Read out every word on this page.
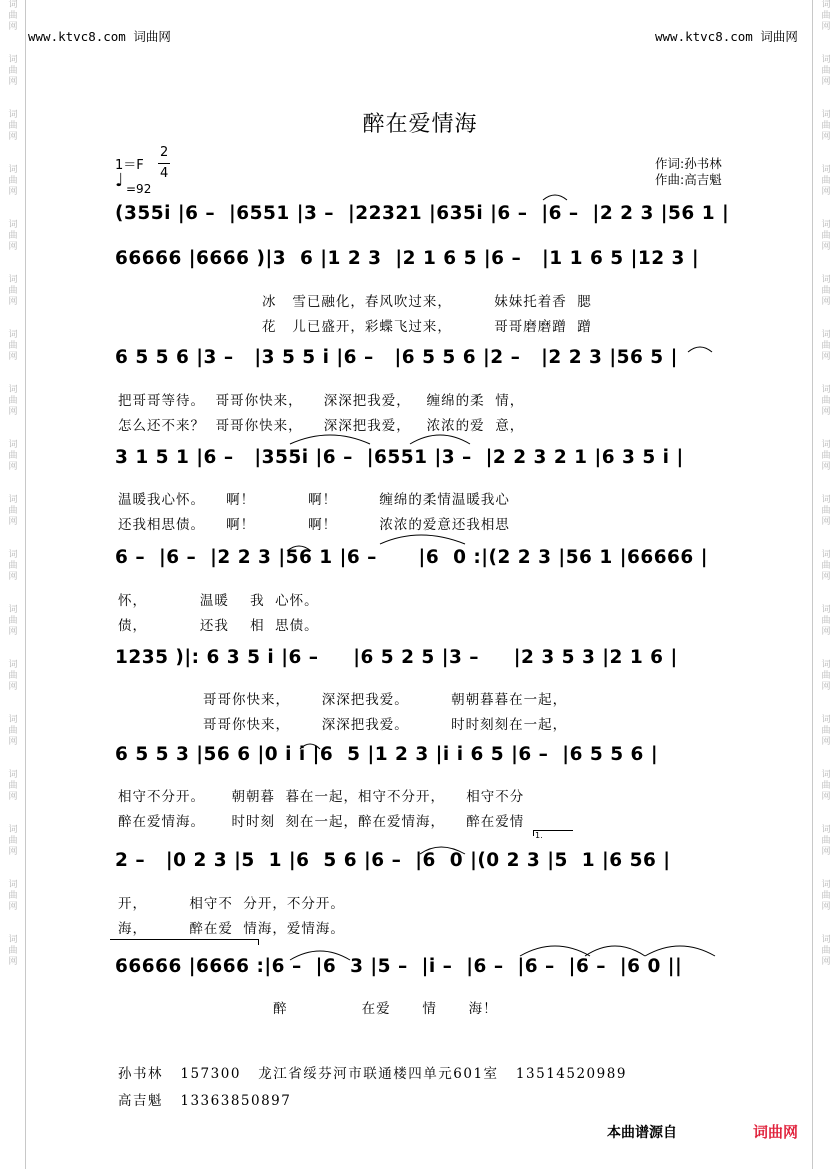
词
曲
网

词
曲
网

词
曲
网

词
曲
网

词
曲
网

词
曲
网

词
曲
网

词
曲
网

词
曲
网

词
曲
网

词
曲
网

词
曲
网

词
曲
网

词
曲
网

词
曲
网

词
曲
网

词
曲
网

词
曲
网

词
曲
网

词
曲
网

词
曲
网

词
曲
网

词
曲
网

词
曲
网

词
曲
网

词
曲
网

词
曲
网

词
曲
网

词
曲
网

词
曲
网

词
曲
网

词
曲
网

词
曲
网

词
曲
网

词
曲
网

词
曲
网

www.ktvc8.com 词曲网	www.ktvc8.com 词曲网
醉在爱情海
1＝F
2
4
♩ =92
作词:孙书林
作曲:高吉魁
(355i |6 –  |6551 |3 –  |22321 |635i |6 –  |6 –  |2 2 3 |56 1 |
66666 |6666 )|3  6 |1 2 3  |2 1 6 5 |6 –   |1 1 6 5 |12 3 |
冰   雪已融化，春风吹过来，        妹妹托着香  腮
花   儿已盛开，彩蝶飞过来，        哥哥磨磨蹭  蹭
6 5 5 6 |3 –   |3 5 5 i |6 –   |6 5 5 6 |2 –   |2 2 3 |56 5 |
把哥哥等待。  哥哥你快来，    深深把我爱，   缠绵的柔  情，
怎么还不来？  哥哥你快来，    深深把我爱，   浓浓的爱  意，
3 1 5 1 |6 –   |355i |6 –  |6551 |3 –  |2 2 3 2 1 |6 3 5 i |
温暖我心怀。    啊！          啊！        缠绵的柔情温暖我心
还我相思债。    啊！          啊！        浓浓的爱意还我相思
6 –  |6 –  |2 2 3 |56 1 |6 –      |6  0 :|(2 2 3 |56 1 |66666 |
怀，          温暖    我  心怀。
债，          还我    相  思债。
1235 )|: 6 3 5 i |6 –     |6 5 2 5 |3 –     |2 3 5 3 |2 1 6 |
哥哥你快来，      深深把我爱。        朝朝暮暮在一起，
哥哥你快来，      深深把我爱。        时时刻刻在一起，
6 5 5 3 |56 6 |0 i i |6  5 |1 2 3 |i i 6 5 |6 –  |6 5 5 6 |
相守不分开。     朝朝暮  暮在一起，相守不分开，    相守不分
醉在爱情海。     时时刻  刻在一起，醉在爱情海，    醉在爱情
1.
2 –   |0 2 3 |5  1 |6  5 6 |6 –  |6  0 |(0 2 3 |5  1 |6 56 |
开，        相守不  分开，不分开。
海，        醉在爱  情海，爱情海。
66666 |6666 :|6 –  |6  3 |5 –  |i –  |6 –  |6 –  |6 –  |6 0 ||
醉              在爱      情      海！
孙书林   157300   龙江省绥芬河市联通楼四单元601室   13514520989
高吉魁   13363850897
本曲谱源自	词曲网
